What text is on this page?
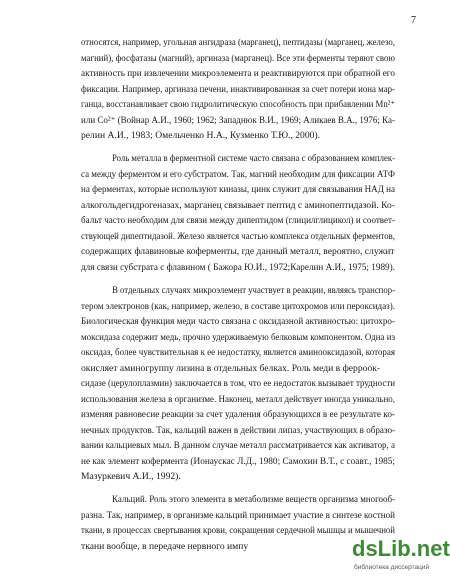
7
относятся, например, угольная ангидраза (марганец), пептидазы (марганец, железо,
магний), фосфатазы (магний), аргиназа (марганец). Все эти ферменты теряют свою
активность при извлечении микроэлемента и реактивируются при обратной его
фиксации. Например, аргиназа печени, инактивированная за счет потери иона мар-
ганца, восстанавливает свою гидролитическую способность при прибавлении Mn²⁺
или Co²⁺ (Войнар А.И., 1960; 1962; Западнюк В.И., 1969; Аликаев В.А., 1976; Ка-
релин А.И., 1983; Омельченко Н.А., Кузменко Т.Ю., 2000).
Роль металла в ферментной системе часто связана с образованием комплек-
са между ферментом и его субстратом. Так, магний необходим для фиксации АТФ
на ферментах, которые используют киназы, цинк служит для связывания НАД на
алкогольдегидрогеназах, марганец связывает пептид с аминопептидазой. Ко-
бальт часто необходим для связи между дипептидом (глицилглицикол) и соответ-
ствующей дипептидазой. Железо является частью комплекса отдельных ферментов,
содержащих флавиновые коферменты, где данный металл, вероятно, служит
для связи субстрата с флавином ( Бажора Ю.И., 1972;Карелин А.И., 1975; 1989).
В отдельных случаях микроэлемент участвует в реакции, являясь транспор-
тером электронов (как, например, железо, в составе цитохромов или пероксидаз).
Биологическая функция меди часто связана с оксидазной активностью: цитохро-
моксидаза содержит медь, прочно удерживаемую белковым компонентом. Одна из
оксидаз, более чувствительная к ее недостатку, является аминооксидазой, которая
окисляет аминогруппу лизина в отдельных белках. Роль меди в ферроок-
сидазе (церулоплазмин) заключается в том, что ее недостаток вызывает трудности
использования железа в организме. Наконец, металл действует иногда уникально,
изменяя равновесие реакции за счет удаления образующихся в ее результате ко-
нечных продуктов. Так, кальций важен в действии липаз, участвующих в образо-
вании кальциевых мыл. В данном случае металл рассматривается как активатор, а
не как элемент кофермента (Ионаускас Л.Д., 1980; Самохин В.Т., с соавт., 1985;
Мазуркевич А.И., 1992).
Кальций. Роль этого элемента в метаболизме веществ организма многооб-
разна. Так, например, в организме кальций принимает участие в синтезе костной
ткани, в процессах свертывания крови, сокращения сердечной мышцы и мышечной
ткани вообще, в передаче нервного импу	dsLib.net
библиотека диссертаций
